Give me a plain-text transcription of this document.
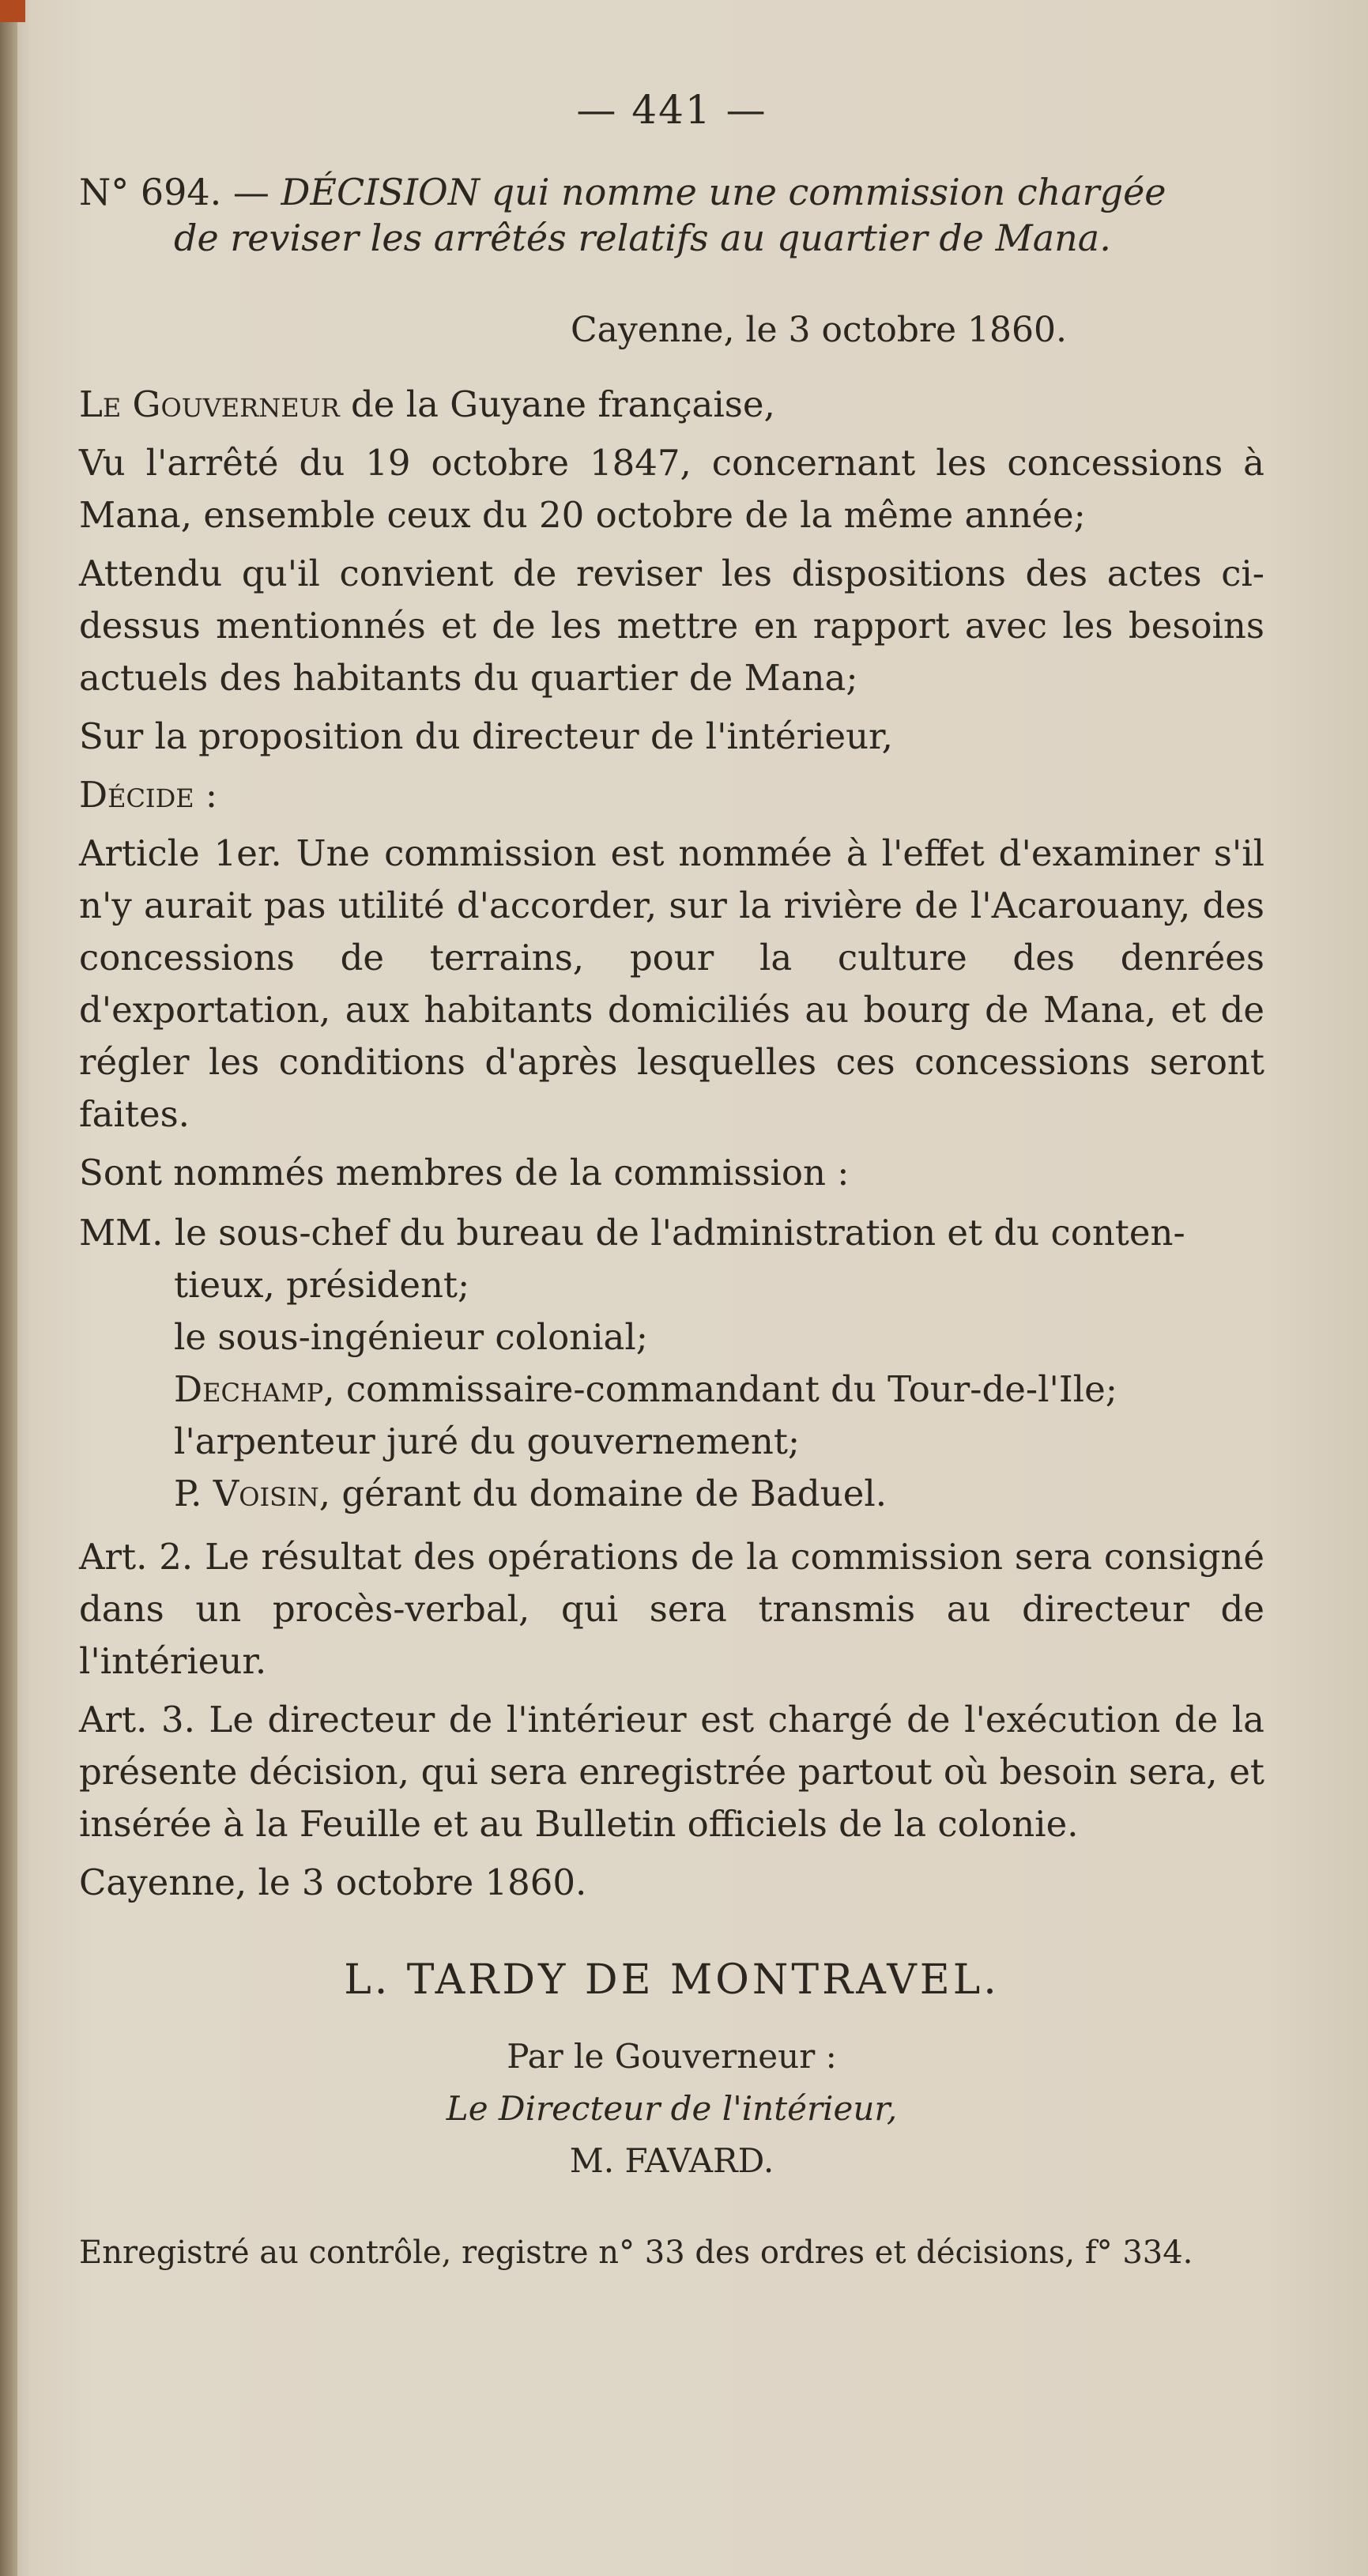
— 441 —

N° 694. — DÉCISION qui nomme une commission chargée
de reviser les arrêtés relatifs au quartier de Mana.

Cayenne, le 3 octobre 1860.

Le Gouverneur de la Guyane française,

Vu l'arrêté du 19 octobre 1847, concernant les concessions à Mana, ensemble ceux du 20 octobre de la même année;

Attendu qu'il convient de reviser les dispositions des actes ci-dessus mentionnés et de les mettre en rapport avec les besoins actuels des habitants du quartier de Mana;

Sur la proposition du directeur de l'intérieur,

Décide :

Article 1er. Une commission est nommée à l'effet d'examiner s'il n'y aurait pas utilité d'accorder, sur la rivière de l'Acarouany, des concessions de terrains, pour la culture des denrées d'exportation, aux habitants domiciliés au bourg de Mana, et de régler les conditions d'après lesquelles ces concessions seront faites.

Sont nommés membres de la commission :

MM. le sous-chef du bureau de l'administration et du conten-

tieux, président;

le sous-ingénieur colonial;

Dechamp, commissaire-commandant du Tour-de-l'Ile;

l'arpenteur juré du gouvernement;

P. Voisin, gérant du domaine de Baduel.

Art. 2. Le résultat des opérations de la commission sera consigné dans un procès-verbal, qui sera transmis au directeur de l'intérieur.

Art. 3. Le directeur de l'intérieur est chargé de l'exécution de la présente décision, qui sera enregistrée partout où besoin sera, et insérée à la Feuille et au Bulletin officiels de la colonie.

Cayenne, le 3 octobre 1860.

L. TARDY DE MONTRAVEL.

Par le Gouverneur :

Le Directeur de l'intérieur,

M. FAVARD.

Enregistré au contrôle, registre n° 33 des ordres et décisions, f° 334.
